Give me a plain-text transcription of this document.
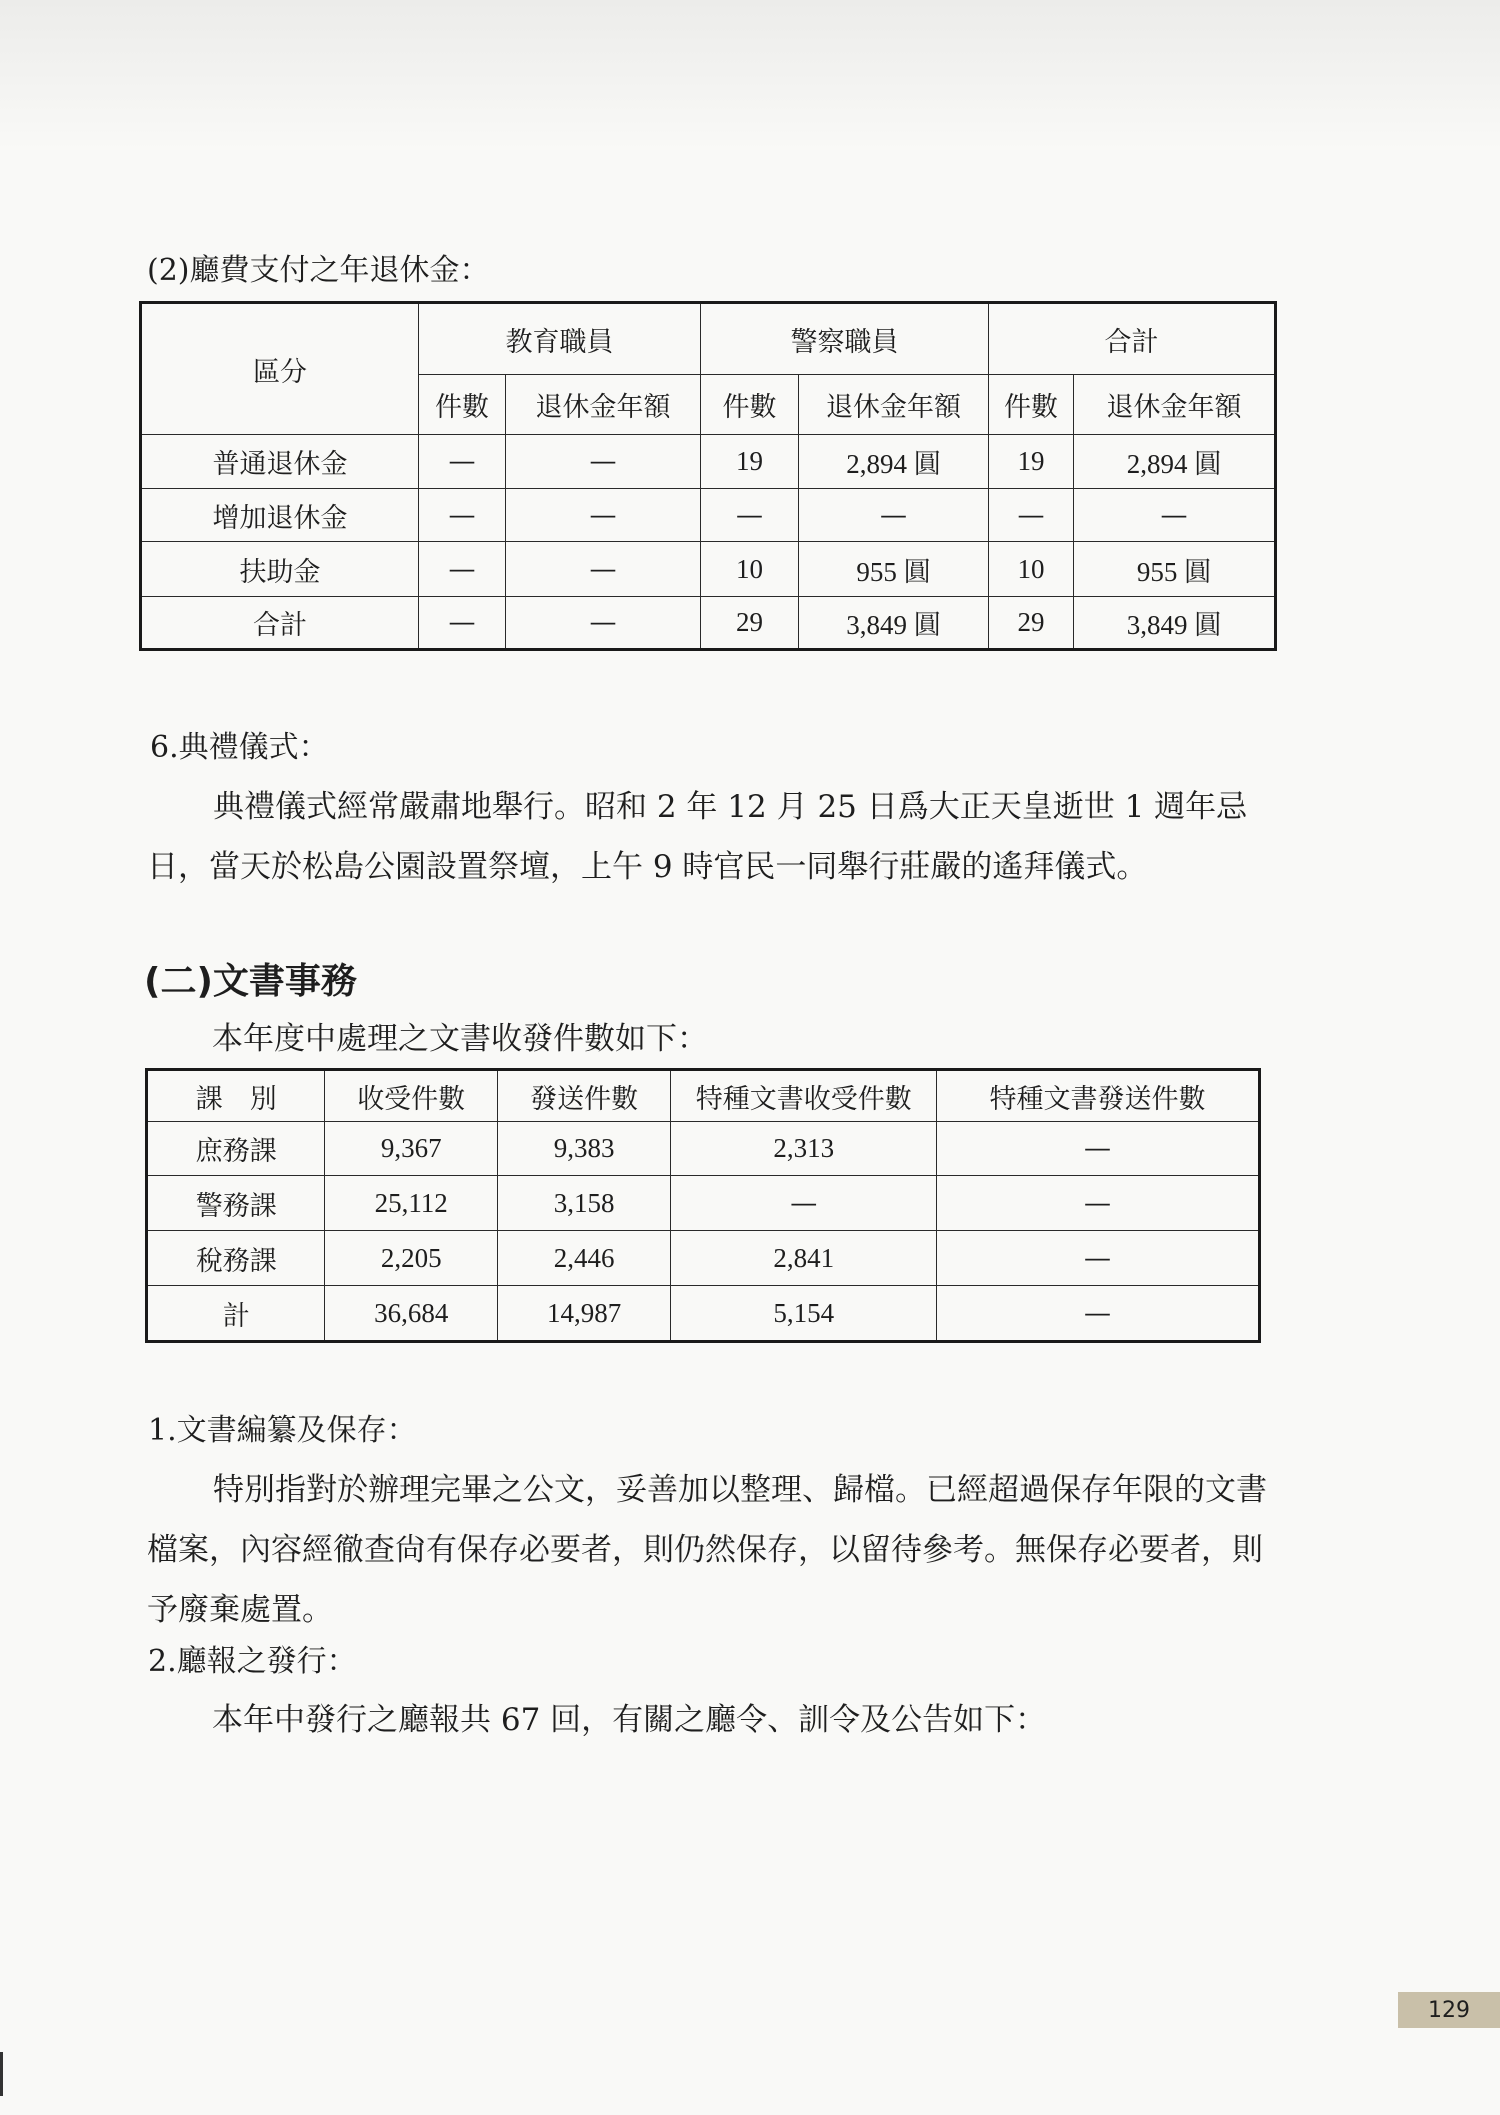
(2)廳費支付之年退休金：
區分	教育職員		警察職員		合計	
	件數	退休金年額	件數	退休金年額	件數	退休金年額
普通退休金	—	—	19	2,894 圓	19	2,894 圓
增加退休金	—	—	—	—	—	—
扶助金	—	—	10	955 圓	10	955 圓
合計	—	—	29	3,849 圓	29	3,849 圓
6.典禮儀式：
典禮儀式經常嚴肅地舉行。昭和 2 年 12 月 25 日爲大正天皇逝世 1 週年忌日，當天於松島公園設置祭壇，上午 9 時官民一同舉行莊嚴的遙拜儀式。
(二)文書事務
本年度中處理之文書收發件數如下：
課　別	收受件數	發送件數	特種文書收受件數	特種文書發送件數
庶務課	9,367	9,383	2,313	—
警務課	25,112	3,158	—	—
稅務課	2,205	2,446	2,841	—
計	36,684	14,987	5,154	—
1.文書編纂及保存：
特別指對於辦理完畢之公文，妥善加以整理、歸檔。已經超過保存年限的文書檔案，內容經徹查尙有保存必要者，則仍然保存，以留待參考。無保存必要者，則予廢棄處置。
2.廳報之發行：
本年中發行之廳報共 67 回，有關之廳令、訓令及公告如下：
129
